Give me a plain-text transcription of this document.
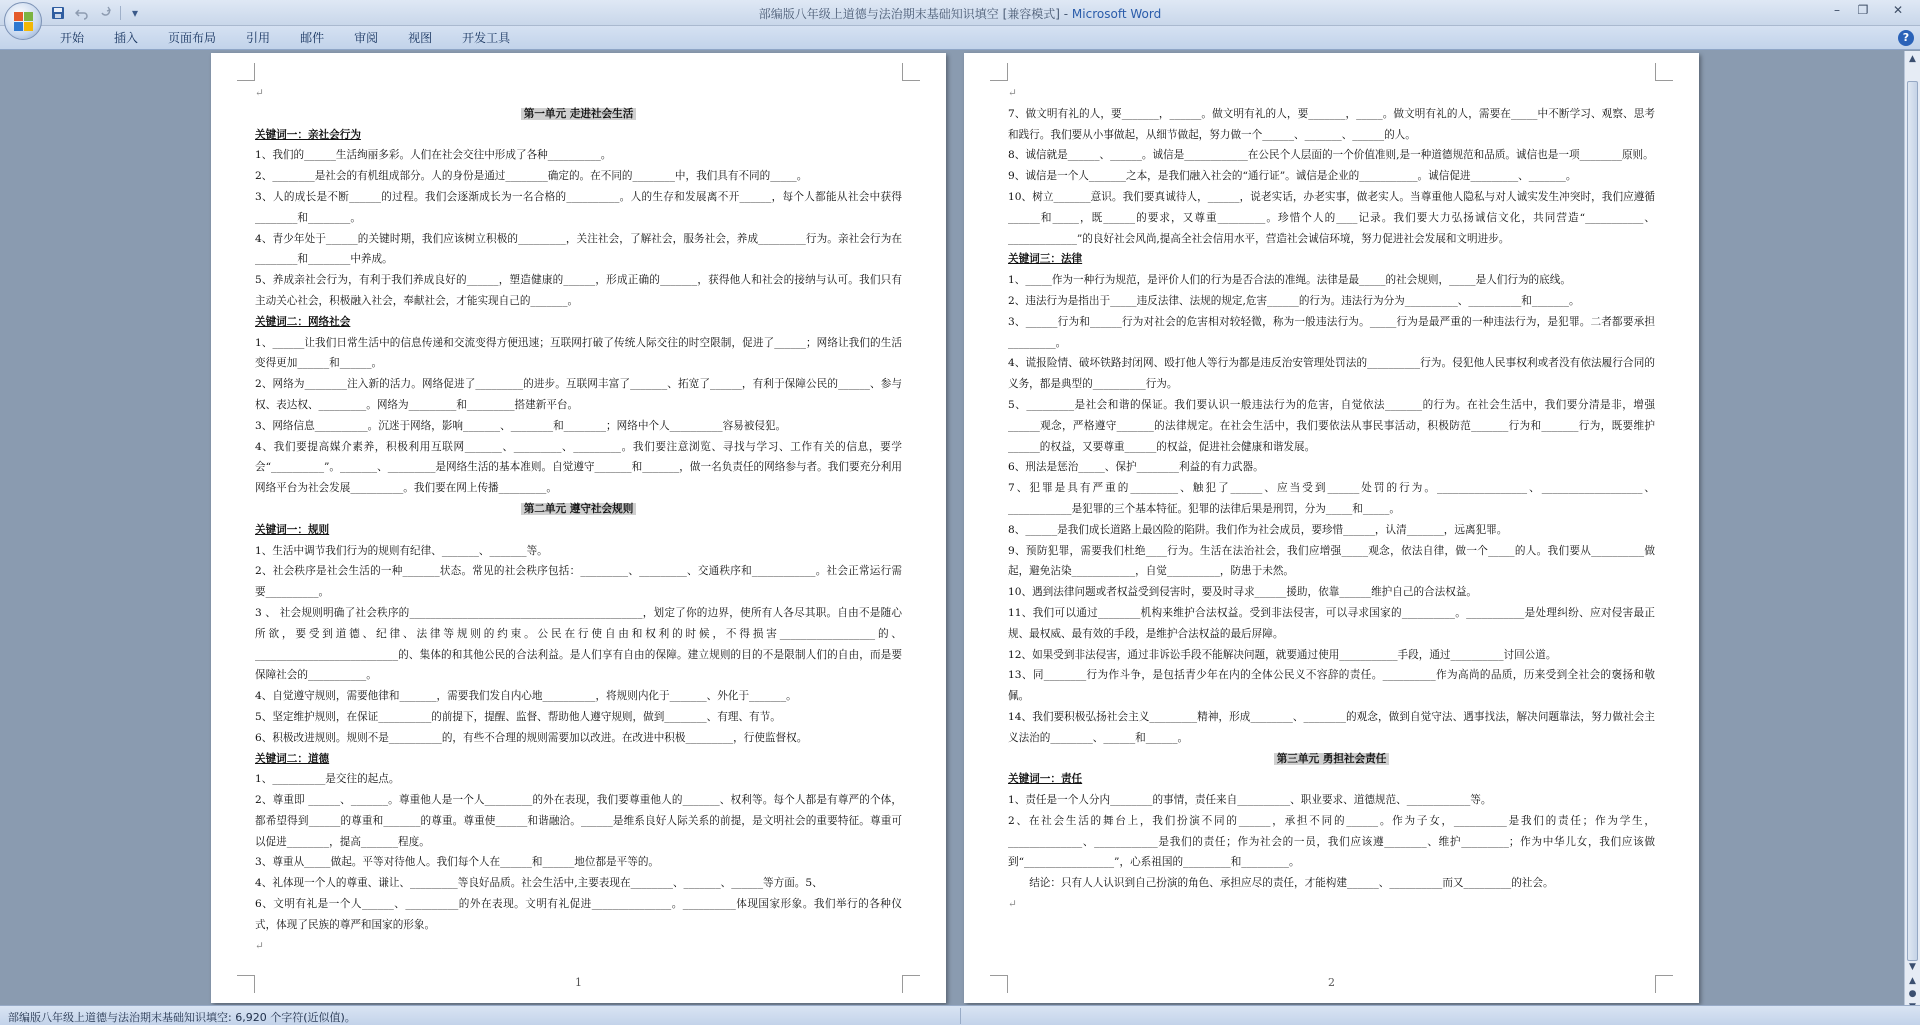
▾	部编版八年级上道德与法治期末基础知识填空 [兼容模式] - Microsoft Word	–	❐	✕
开始	插入	页面布局	引用	邮件	审阅	视图	开发工具	?
↵
第一单元 走进社会生活
关键词一：亲社会行为
1、我们的______生活绚丽多彩。人们在社会交往中形成了各种__________。
2、________是社会的有机组成部分。人的身份是通过________确定的。在不同的________中，我们具有不同的_____。
3、人的成长是不断______的过程。我们会逐渐成长为一名合格的__________。人的生存和发展离不开______，每个人都能从社会中获得________和________。
4、青少年处于______的关键时期，我们应该树立积极的_________，关注社会，了解社会，服务社会，养成_________行为。亲社会行为在________和________中养成。
5、养成亲社会行为，有利于我们养成良好的______，塑造健康的______，形成正确的_______，获得他人和社会的接纳与认可。我们只有主动关心社会，积极融入社会，奉献社会，才能实现自己的_______。
关键词二：网络社会
1、______让我们日常生活中的信息传递和交流变得方便迅速；互联网打破了传统人际交往的时空限制，促进了______；网络让我们的生活变得更加______和______。
2、网络为________注入新的活力。网络促进了_________的进步。互联网丰富了_______、拓宽了______，有利于保障公民的______、参与权、表达权、_________。网络为_________和_________搭建新平台。
3、网络信息__________。沉迷于网络，影响_______、________和________；网络中个人__________容易被侵犯。
4、我们要提高媒介素养，积极利用互联网_______、_________、_________。我们要注意浏览、寻找与学习、工作有关的信息，要学会“__________”。_______、_________是网络生活的基本准则。自觉遵守_______和_______，做一名负责任的网络参与者。我们要充分利用网络平台为社会发展__________。我们要在网上传播_________。
第二单元 遵守社会规则
关键词一：规则
1、生活中调节我们行为的规则有纪律、_______、_______等。
2、社会秩序是社会生活的一种_______状态。常见的社会秩序包括：_________、_________、交通秩序和____________。社会正常运行需要__________。
3 、 社会规则明确了社会秩序的____________________________________________，划定了你的边界，使所有人各尽其职。自由不是随心所欲，要受到道德、纪律、法律等规则的约束。公民在行使自由和权利的时候，不得损害__________________的、___________________________的、集体的和其他公民的合法利益。是人们享有自由的保障。建立规则的目的不是限制人们的自由，而是要保障社会的___________。
4、自觉遵守规则，需要他律和_______，需要我们发自内心地__________，将规则内化于_______、外化于_______。
5、坚定维护规则，在保证__________的前提下，提醒、监督、帮助他人遵守规则，做到________、有理、有节。
6、积极改进规则。规则不是__________的，有些不合理的规则需要加以改进。在改进中积极_________，行使监督权。
关键词二：道德
1、__________是交往的起点。
2、尊重即 ______、_______。尊重他人是一个人_________的外在表现，我们要尊重他人的_______、权利等。每个人都是有尊严的个体，都希望得到______的尊重和_______的尊重。尊重使______和谐融洽。______是维系良好人际关系的前提，是文明社会的重要特征。尊重可以促进________，提高_______程度。
3、尊重从_____做起。平等对待他人。我们每个人在______和______地位都是平等的。
4、礼体现一个人的尊重、谦让、_________等良好品质。社会生活中,主要表现在________、_______、______等方面。5、
6、文明有礼是一个人______、__________的外在表现。文明有礼促进_______________。__________体现国家形象。我们举行的各种仪式，体现了民族的尊严和国家的形象。
↵
1
↵
7、做文明有礼的人，要_______，______。做文明有礼的人，要_______，_____。做文明有礼的人，需要在_____中不断学习、观察、思考和践行。我们要从小事做起，从细节做起，努力做一个______、_______、______的人。
8、诚信就是______、______。诚信是____________在公民个人层面的一个价值准则,是一种道德规范和品质。诚信也是一项________原则。
9、诚信是一个人_______之本，是我们融入社会的“通行证”。诚信是企业的___________。诚信促进_________、_______。
10、树立_______意识。我们要真诚待人，______，说老实话，办老实事，做老实人。当尊重他人隐私与对人诚实发生冲突时，我们应遵循______和_____，既______的要求，又尊重_________。珍惜个人的____记录。我们要大力弘扬诚信文化，共同营造“___________、_____________”的良好社会风尚,提高全社会信用水平，营造社会诚信环境，努力促进社会发展和文明进步。
关键词三：法律
1、_____作为一种行为规范，是评价人们的行为是否合法的准绳。法律是最_____的社会规则，_____是人们行为的底线。
2、违法行为是指出于_____违反法律、法规的规定,危害______的行为。违法行为分为__________、__________和_______。
3、______行为和______行为对社会的危害相对较轻微，称为一般违法行为。_____行为是最严重的一种违法行为，是犯罪。二者都要承担_________。
4、谎报险情、破坏铁路封闭网、殴打他人等行为都是违反治安管理处罚法的__________行为。侵犯他人民事权利或者没有依法履行合同的义务，都是典型的__________行为。
5、_________是社会和谐的保证。我们要认识一般违法行为的危害，自觉依法_______的行为。在社会生活中，我们要分清是非，增强______观念，严格遵守_______的法律规定。在社会生活中，我们要依法从事民事活动，积极防范_______行为和_______行为，既要维护______的权益，又要尊重______的权益，促进社会健康和谐发展。
6、刑法是惩治_____、保护________利益的有力武器。
7、犯罪是具有严重的_________、触犯了______、应当受到______处罚的行为。_________________、___________________、____________是犯罪的三个基本特征。犯罪的法律后果是刑罚，分为_____和_____。
8、______是我们成长道路上最凶险的陷阱。我们作为社会成员，要珍惜______，认清_______，远离犯罪。
9、预防犯罪，需要我们杜绝____行为。生活在法治社会，我们应增强_____观念，依法自律，做一个_____的人。我们要从__________做起，避免沾染____________，自觉__________，防患于未然。
10、遇到法律问题或者权益受到侵害时，要及时寻求______援助，依靠______维护自己的合法权益。
11、我们可以通过________机构来维护合法权益。受到非法侵害，可以寻求国家的__________。___________是处理纠纷、应对侵害最正规、最权威、最有效的手段，是维护合法权益的最后屏障。
12、如果受到非法侵害，通过非诉讼手段不能解决问题，就要通过使用___________手段，通过__________讨回公道。
13、同________行为作斗争，是包括青少年在内的全体公民义不容辞的责任。__________作为高尚的品质，历来受到全社会的褒扬和敬佩。
14、我们要积极弘扬社会主义_________精神，形成________、________的观念，做到自觉守法、遇事找法，解决问题靠法，努力做社会主义法治的________、______和______。
第三单元 勇担社会责任
关键词一：责任
1、责任是一个人分内________的事情，责任来自__________、职业要求、道德规范、____________等。
2、在社会生活的舞台上，我们扮演不同的______，承担不同的______。作为子女，__________是我们的责任；作为学生，______________、____________是我们的责任；作为社会的一员，我们应该遵________、维护_________；作为中华儿女，我们应该做到“_________________”，心系祖国的_________和_________。
结论：只有人人认识到自己扮演的角色、承担应尽的责任，才能构建______、__________而又_________的社会。
↵
2
▲
▼
▲
●
部编版八年级上道德与法治期末基础知识填空: 6,920 个字符(近似值)。
